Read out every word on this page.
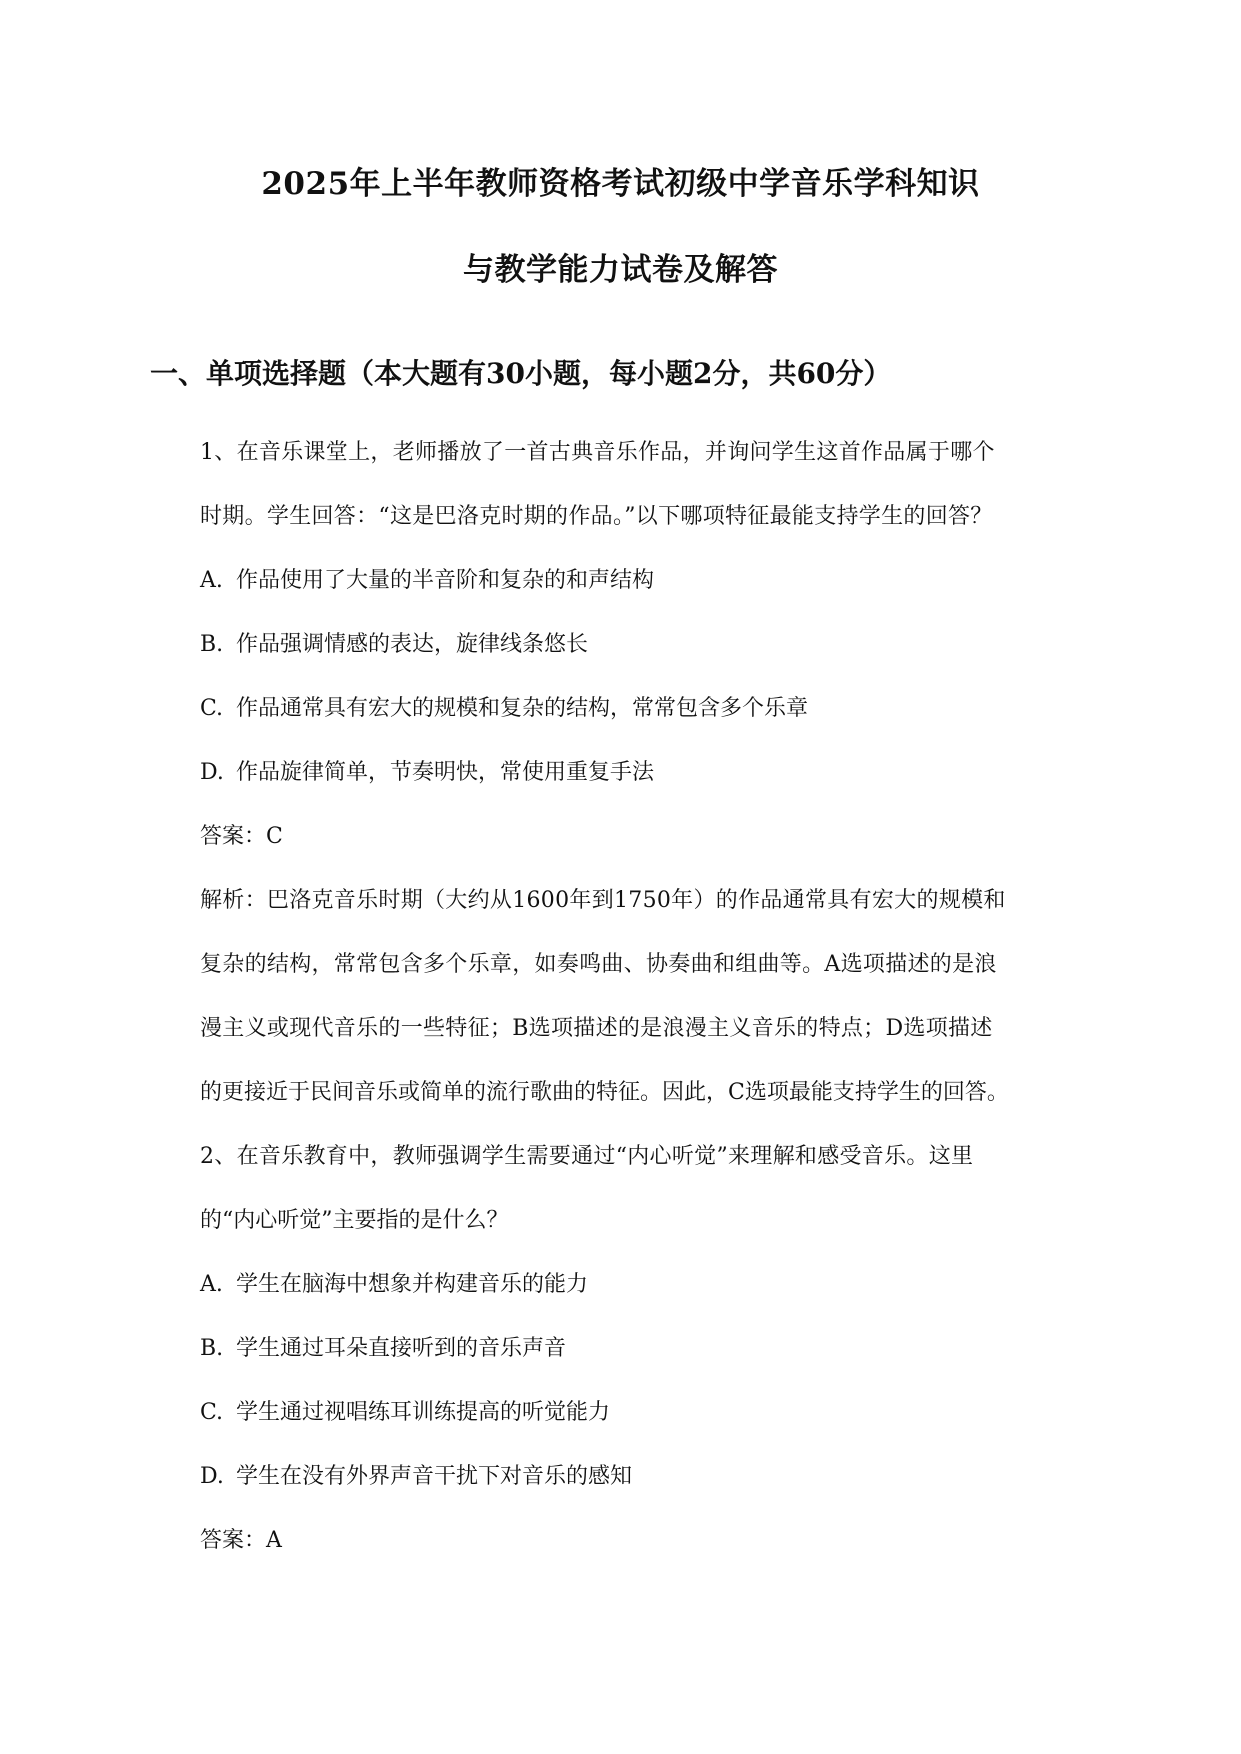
2025年上半年教师资格考试初级中学音乐学科知识
与教学能力试卷及解答
一、单项选择题（本大题有30小题，每小题2分，共60分）
1、在音乐课堂上，老师播放了一首古典音乐作品，并询问学生这首作品属于哪个
时期。学生回答：“这是巴洛克时期的作品。”以下哪项特征最能支持学生的回答？
A. 作品使用了大量的半音阶和复杂的和声结构
B. 作品强调情感的表达，旋律线条悠长
C. 作品通常具有宏大的规模和复杂的结构，常常包含多个乐章
D. 作品旋律简单，节奏明快，常使用重复手法
答案：C
解析：巴洛克音乐时期（大约从1600年到1750年）的作品通常具有宏大的规模和
复杂的结构，常常包含多个乐章，如奏鸣曲、协奏曲和组曲等。A选项描述的是浪
漫主义或现代音乐的一些特征；B选项描述的是浪漫主义音乐的特点；D选项描述
的更接近于民间音乐或简单的流行歌曲的特征。因此，C选项最能支持学生的回答。
2、在音乐教育中，教师强调学生需要通过“内心听觉”来理解和感受音乐。这里
的“内心听觉”主要指的是什么？
A. 学生在脑海中想象并构建音乐的能力
B. 学生通过耳朵直接听到的音乐声音
C. 学生通过视唱练耳训练提高的听觉能力
D. 学生在没有外界声音干扰下对音乐的感知
答案：A
